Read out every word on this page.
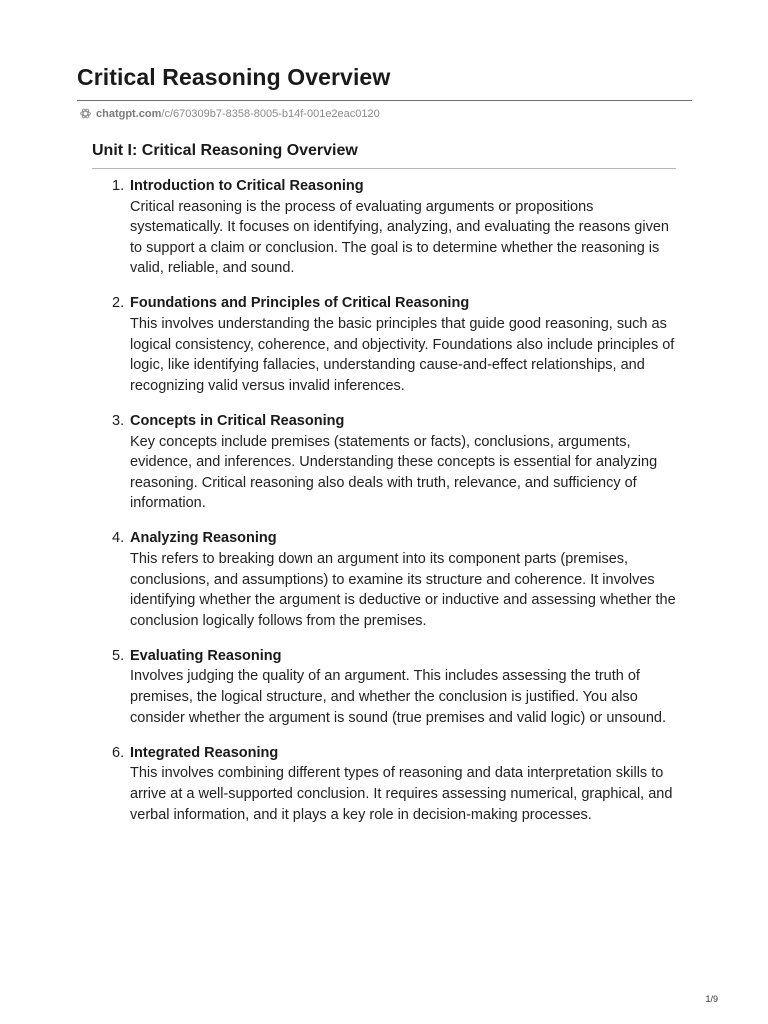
Critical Reasoning Overview
chatgpt.com /c/670309b7-8358-8005-b14f-001e2eac0120
Unit I: Critical Reasoning Overview
1. Introduction to Critical Reasoning
Critical reasoning is the process of evaluating arguments or propositions systematically. It focuses on identifying, analyzing, and evaluating the reasons given to support a claim or conclusion. The goal is to determine whether the reasoning is valid, reliable, and sound.
2. Foundations and Principles of Critical Reasoning
This involves understanding the basic principles that guide good reasoning, such as logical consistency, coherence, and objectivity. Foundations also include principles of logic, like identifying fallacies, understanding cause-and-effect relationships, and recognizing valid versus invalid inferences.
3. Concepts in Critical Reasoning
Key concepts include premises (statements or facts), conclusions, arguments, evidence, and inferences. Understanding these concepts is essential for analyzing reasoning. Critical reasoning also deals with truth, relevance, and sufficiency of information.
4. Analyzing Reasoning
This refers to breaking down an argument into its component parts (premises, conclusions, and assumptions) to examine its structure and coherence. It involves identifying whether the argument is deductive or inductive and assessing whether the conclusion logically follows from the premises.
5. Evaluating Reasoning
Involves judging the quality of an argument. This includes assessing the truth of premises, the logical structure, and whether the conclusion is justified. You also consider whether the argument is sound (true premises and valid logic) or unsound.
6. Integrated Reasoning
This involves combining different types of reasoning and data interpretation skills to arrive at a well-supported conclusion. It requires assessing numerical, graphical, and verbal information, and it plays a key role in decision-making processes.
1/9
